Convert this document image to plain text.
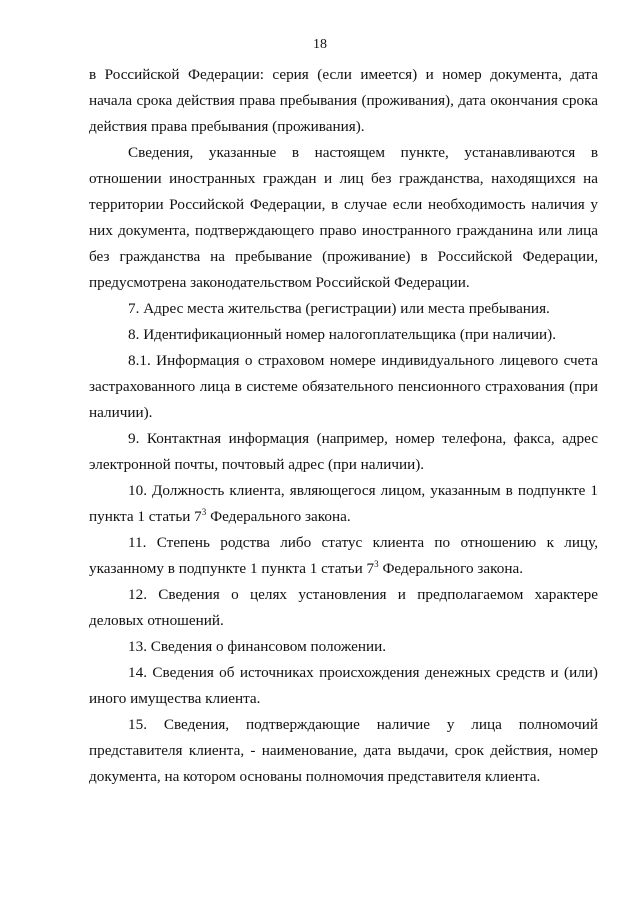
18

в Российской Федерации: серия (если имеется) и номер документа, дата начала срока действия права пребывания (проживания), дата окончания срока действия права пребывания (проживания).

Сведения, указанные в настоящем пункте, устанавливаются в отношении иностранных граждан и лиц без гражданства, находящихся на территории Российской Федерации, в случае если необходимость наличия у них документа, подтверждающего право иностранного гражданина или лица без гражданства на пребывание (проживание) в Российской Федерации, предусмотрена законодательством Российской Федерации.

7. Адрес места жительства (регистрации) или места пребывания.

8. Идентификационный номер налогоплательщика (при наличии).

8.1. Информация о страховом номере индивидуального лицевого счета застрахованного лица в системе обязательного пенсионного страхования (при наличии).

9. Контактная информация (например, номер телефона, факса, адрес электронной почты, почтовый адрес (при наличии).

10. Должность клиента, являющегося лицом, указанным в подпункте 1 пункта 1 статьи $7^3$ Федерального закона.

11. Степень родства либо статус клиента по отношению к лицу, указанному в подпункте 1 пункта 1 статьи $7^3$ Федерального закона.

12. Сведения о целях установления и предполагаемом характере деловых отношений.

13. Сведения о финансовом положении.

14. Сведения об источниках происхождения денежных средств и (или) иного имущества клиента.

15. Сведения, подтверждающие наличие у лица полномочий представителя клиента, - наименование, дата выдачи, срок действия, номер документа, на котором основаны полномочия представителя клиента.
